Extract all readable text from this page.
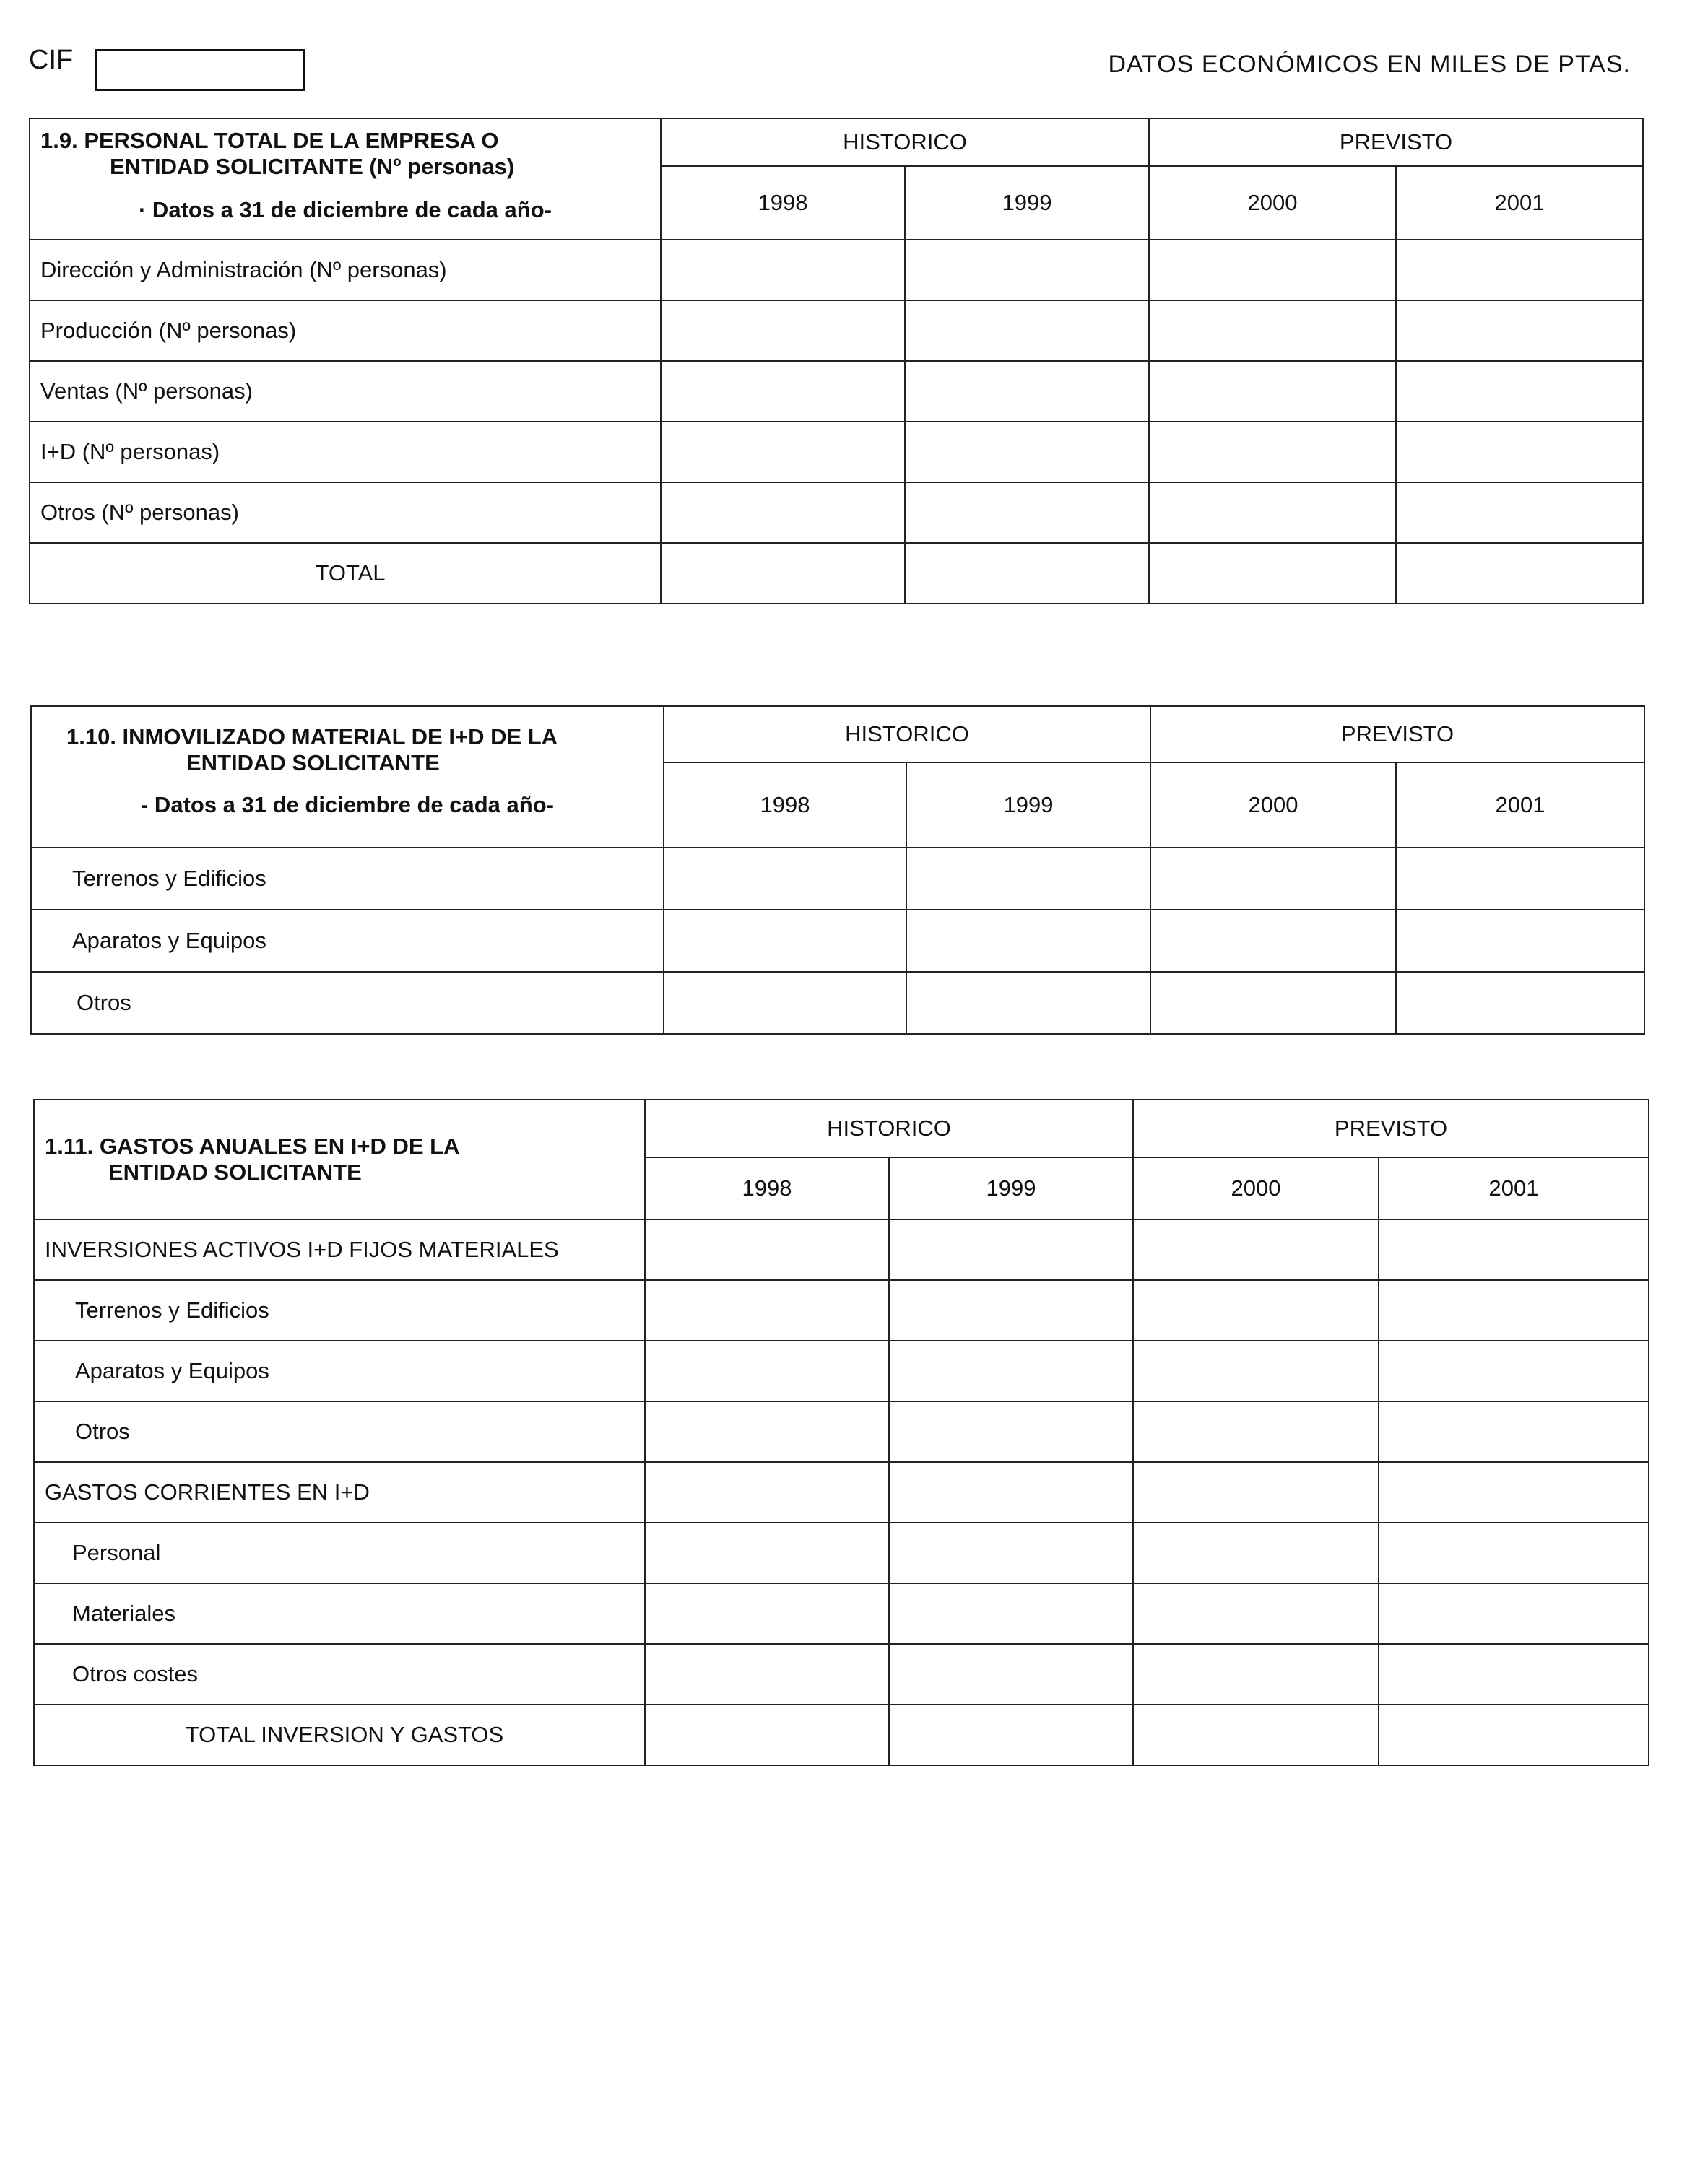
CIF	DATOS ECONÓMICOS EN MILES DE PTAS.
1.9. PERSONAL TOTAL DE LA EMPRESA O
ENTIDAD SOLICITANTE (Nº personas)
· Datos a 31 de diciembre de cada año-	HISTORICO		PREVISTO	
	1998	1999	2000	2001
Dirección y Administración (Nº personas)				
Producción (Nº personas)				
Ventas (Nº personas)				
I+D (Nº personas)				
Otros (Nº personas)				
TOTAL				
1.10. INMOVILIZADO MATERIAL DE I+D DE LA
ENTIDAD SOLICITANTE
- Datos a 31 de diciembre de cada año-	HISTORICO		PREVISTO	
	1998	1999	2000	2001
Terrenos y Edificios				
Aparatos y Equipos				
Otros				
1.11. GASTOS ANUALES EN I+D DE LA
ENTIDAD SOLICITANTE	HISTORICO		PREVISTO	
	1998	1999	2000	2001
INVERSIONES ACTIVOS I+D FIJOS MATERIALES				
Terrenos y Edificios				
Aparatos y Equipos				
Otros				
GASTOS CORRIENTES EN I+D				
Personal				
Materiales				
Otros costes				
TOTAL INVERSION Y GASTOS				
